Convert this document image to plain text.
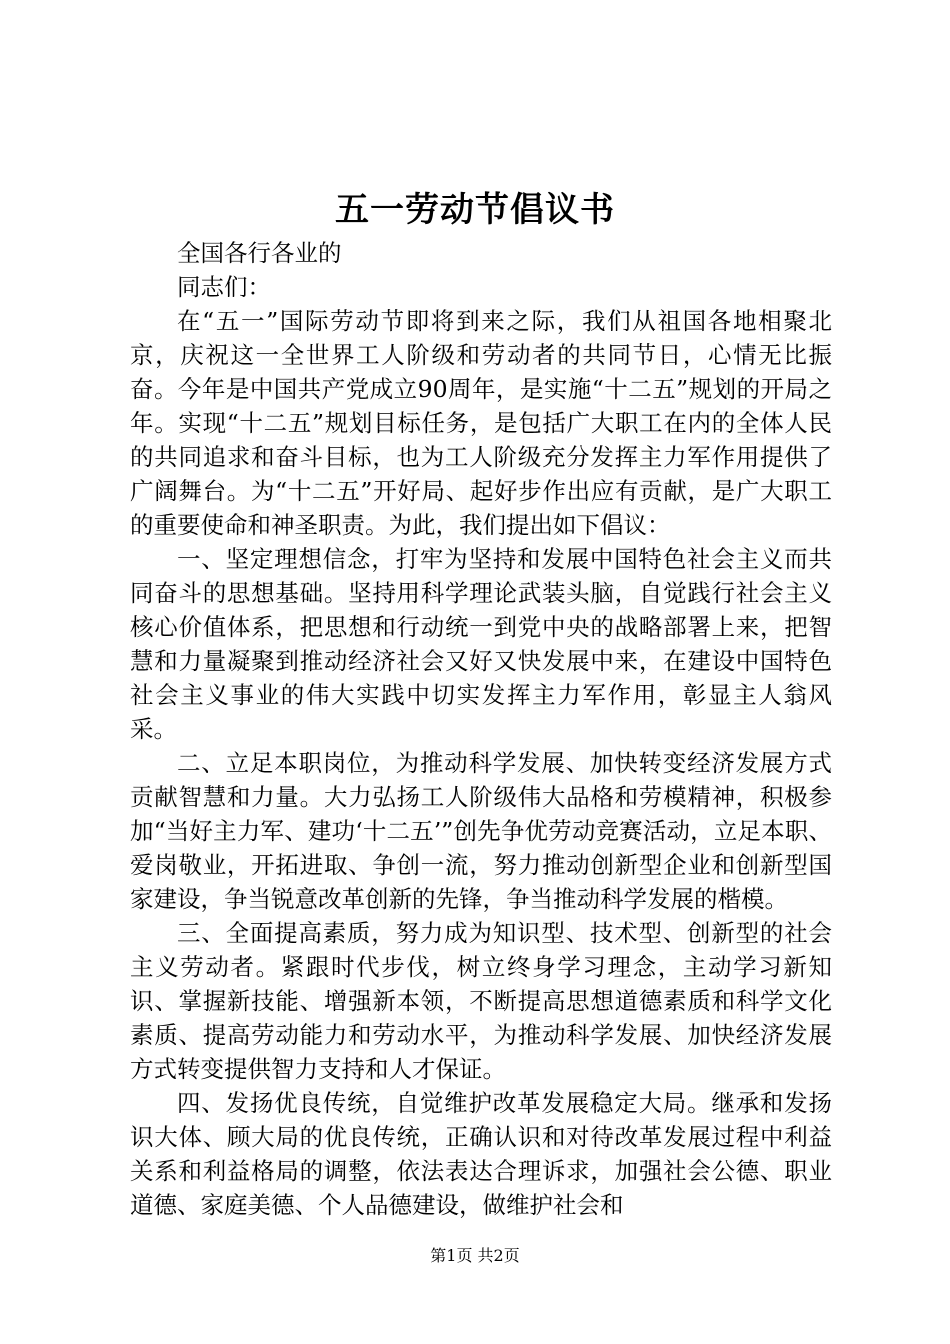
五一劳动节倡议书

全国各行各业的

同志们：

在“五一”国际劳动节即将到来之际，我们从祖国各地相聚北京，庆祝这一全世界工人阶级和劳动者的共同节日，心情无比振奋。今年是中国共产党成立90周年，是实施“十二五”规划的开局之年。实现“十二五”规划目标任务，是包括广大职工在内的全体人民的共同追求和奋斗目标，也为工人阶级充分发挥主力军作用提供了广阔舞台。为“十二五”开好局、起好步作出应有贡献，是广大职工的重要使命和神圣职责。为此，我们提出如下倡议：

一、坚定理想信念，打牢为坚持和发展中国特色社会主义而共同奋斗的思想基础。坚持用科学理论武装头脑，自觉践行社会主义核心价值体系，把思想和行动统一到党中央的战略部署上来，把智慧和力量凝聚到推动经济社会又好又快发展中来，在建设中国特色社会主义事业的伟大实践中切实发挥主力军作用，彰显主人翁风采。

二、立足本职岗位，为推动科学发展、加快转变经济发展方式贡献智慧和力量。大力弘扬工人阶级伟大品格和劳模精神，积极参加“当好主力军、建功‘十二五’”创先争优劳动竞赛活动，立足本职、爱岗敬业，开拓进取、争创一流，努力推动创新型企业和创新型国家建设，争当锐意改革创新的先锋，争当推动科学发展的楷模。

三、全面提高素质，努力成为知识型、技术型、创新型的社会主义劳动者。紧跟时代步伐，树立终身学习理念，主动学习新知识、掌握新技能、增强新本领，不断提高思想道德素质和科学文化素质、提高劳动能力和劳动水平，为推动科学发展、加快经济发展方式转变提供智力支持和人才保证。

四、发扬优良传统，自觉维护改革发展稳定大局。继承和发扬识大体、顾大局的优良传统，正确认识和对待改革发展过程中利益关系和利益格局的调整，依法表达合理诉求，加强社会公德、职业道德、家庭美德、个人品德建设，做维护社会和

第1页 共2页
